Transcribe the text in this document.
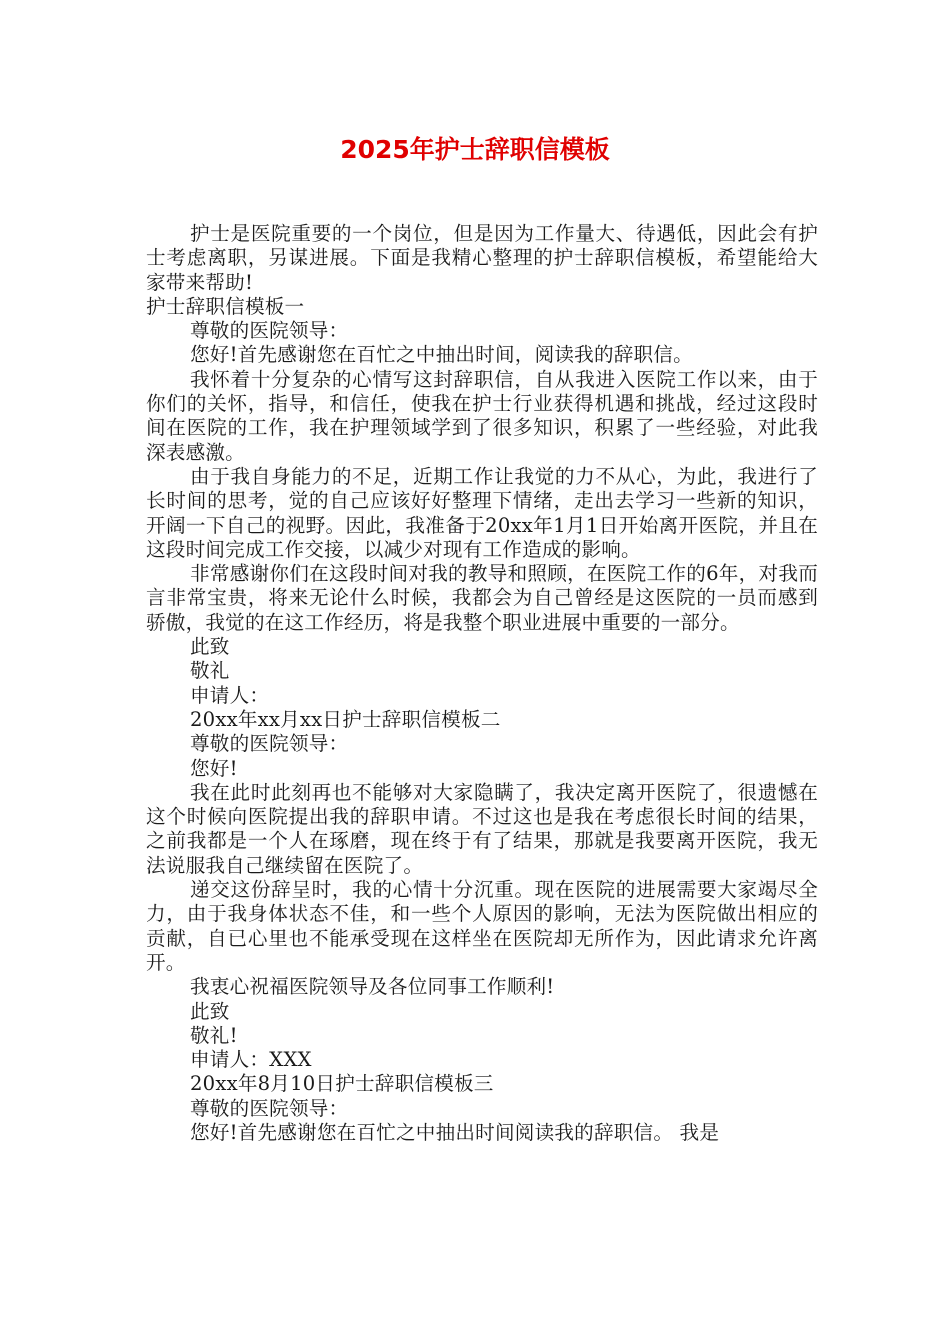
2025年护士辞职信模板

护士是医院重要的一个岗位，但是因为工作量大、待遇低，因此会有护士考虑离职，另谋进展。下面是我精心整理的护士辞职信模板，希望能给大家带来帮助!

护士辞职信模板一

尊敬的医院领导：

您好!首先感谢您在百忙之中抽出时间，阅读我的辞职信。

我怀着十分复杂的心情写这封辞职信，自从我进入医院工作以来，由于你们的关怀，指导，和信任，使我在护士行业获得机遇和挑战，经过这段时间在医院的工作，我在护理领域学到了很多知识，积累了一些经验，对此我深表感激。

由于我自身能力的不足，近期工作让我觉的力不从心，为此，我进行了长时间的思考，觉的自己应该好好整理下情绪，走出去学习一些新的知识，开阔一下自己的视野。因此，我准备于20xx年1月1日开始离开医院，并且在这段时间完成工作交接，以减少对现有工作造成的影响。

非常感谢你们在这段时间对我的教导和照顾，在医院工作的6年，对我而言非常宝贵，将来无论什么时候，我都会为自己曾经是这医院的一员而感到骄傲，我觉的在这工作经历，将是我整个职业进展中重要的一部分。

此致

敬礼

申请人：

20xx年xx月xx日护士辞职信模板二

尊敬的医院领导：

您好!

我在此时此刻再也不能够对大家隐瞒了，我决定离开医院了，很遗憾在这个时候向医院提出我的辞职申请。不过这也是我在考虑很长时间的结果，之前我都是一个人在琢磨，现在终于有了结果，那就是我要离开医院，我无法说服我自己继续留在医院了。

递交这份辞呈时，我的心情十分沉重。现在医院的进展需要大家竭尽全力，由于我身体状态不佳，和一些个人原因的影响，无法为医院做出相应的贡献，自已心里也不能承受现在这样坐在医院却无所作为，因此请求允许离开。

我衷心祝福医院领导及各位同事工作顺利!

此致

敬礼!

申请人：XXX

20xx年8月10日护士辞职信模板三

尊敬的医院领导：

您好!首先感谢您在百忙之中抽出时间阅读我的辞职信。 我是
